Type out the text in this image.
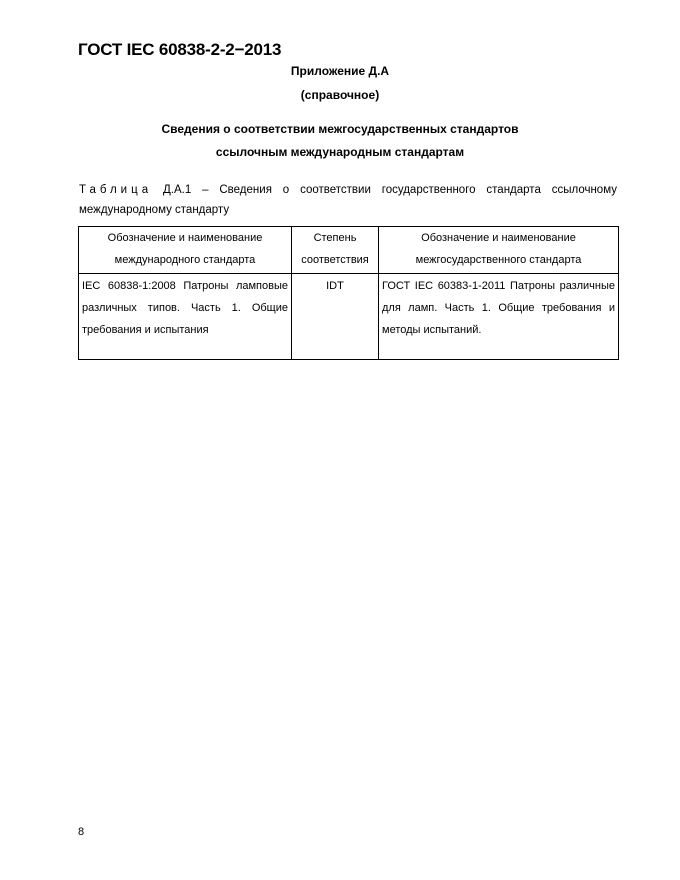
ГОСТ IEC 60838-2-2−2013
Приложение Д.А
(справочное)
Сведения о соответствии межгосударственных стандартов
ссылочным международным стандартам
Таблица Д.А.1 – Сведения о соответствии государственного стандарта ссылочному международному стандарту
Обозначение и наименование международного стандарта	Степень соответствия	Обозначение и наименование межгосударственного стандарта
IEC 60838-1:2008 Патроны ламповые различных типов. Часть 1. Общие требования и испытания	IDT	ГОСТ IEC 60383-1-2011 Патроны различные для ламп. Часть 1. Общие требования и методы испытаний.
8
